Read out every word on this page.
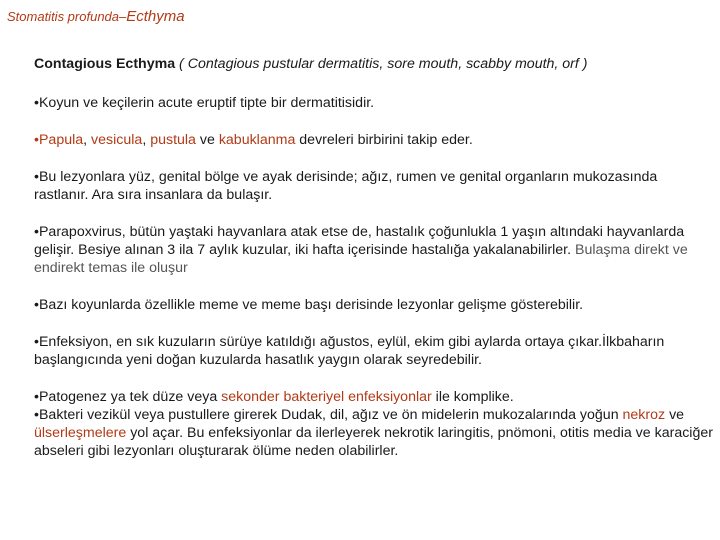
Stomatitis profunda–Ecthyma

Contagious Ecthyma ( Contagious pustular dermatitis, sore mouth, scabby mouth, orf )

•Koyun ve keçilerin acute eruptif tipte bir dermatitisidir.

•Papula, vesicula, pustula ve kabuklanma devreleri birbirini takip eder.

•Bu lezyonlara yüz, genital bölge ve ayak derisinde; ağız, rumen ve genital organların mukozasında rastlanır. Ara sıra insanlara da bulaşır.

•Parapoxvirus, bütün yaştaki hayvanlara atak etse de, hastalık çoğunlukla 1 yaşın altındaki hayvanlarda gelişir. Besiye alınan 3 ila 7 aylık kuzular, iki hafta içerisinde hastalığa yakalanabilirler. Bulaşma direkt ve endirekt temas ile oluşur

•Bazı koyunlarda özellikle meme ve meme başı derisinde lezyonlar gelişme gösterebilir.

•Enfeksiyon, en sık kuzuların sürüye katıldığı ağustos, eylül, ekim gibi aylarda ortaya çıkar.İlkbaharın başlangıcında yeni doğan kuzularda hasatlık yaygın olarak seyredebilir.

•Patogenez ya tek düze veya sekonder bakteriyel enfeksiyonlar ile komplike.

•Bakteri vezikül veya pustullere girerek Dudak, dil, ağız ve ön midelerin mukozalarında yoğun nekroz ve ülserleşmelere yol açar. Bu enfeksiyonlar da ilerleyerek nekrotik laringitis, pnömoni, otitis media ve karaciğer abseleri gibi lezyonları oluşturarak ölüme neden olabilirler.
